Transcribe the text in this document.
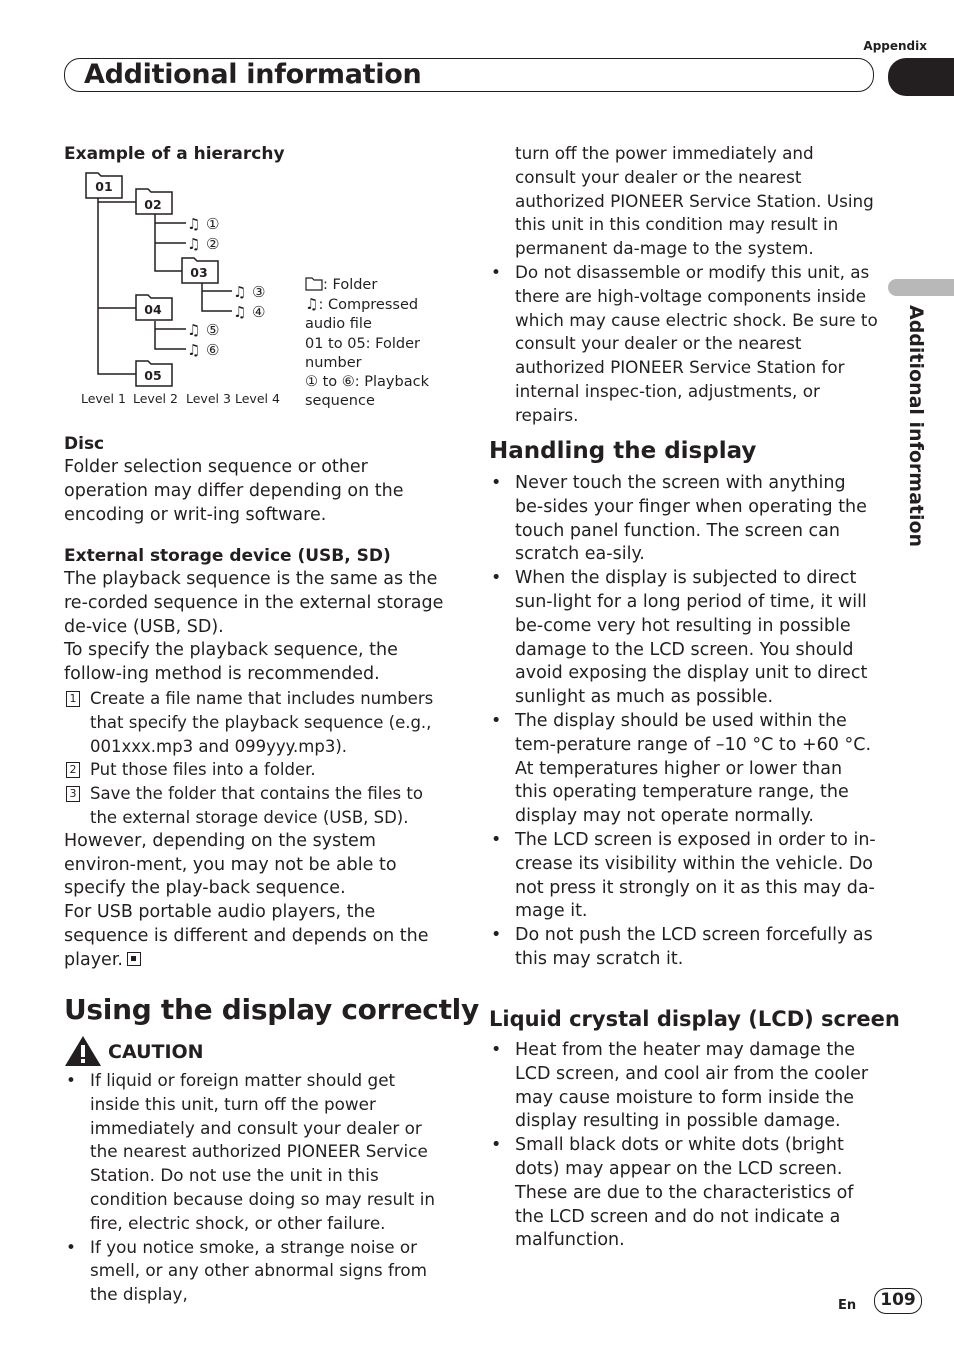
Appendix
Additional information
Additional information
Example of a hierarchy
01
02
03
04
05
♫ ①
♫ ②
♫ ③
♫ ④
♫ ⑤
♫ ⑥
Level 1 Level 2 Level 3 Level 4
: Folder
♫: Compressed
audio file
01 to 05: Folder
number
① to ⑥: Playback
sequence
Disc
Folder selection sequence or other operation may differ depending on the encoding or writ-ing software.
External storage device (USB, SD)
The playback sequence is the same as the re-corded sequence in the external storage de-vice (USB, SD).
To specify the playback sequence, the follow-ing method is recommended.
1 Create a file name that includes numbers that specify the playback sequence (e.g., 001xxx.mp3 and 099yyy.mp3).
2 Put those files into a folder.
3 Save the folder that contains the files to the external storage device (USB, SD).
However, depending on the system environ-ment, you may not be able to specify the play-back sequence.
For USB portable audio players, the sequence is different and depends on the player.
Using the display correctly
CAUTION
• If liquid or foreign matter should get inside this unit, turn off the power immediately and consult your dealer or the nearest authorized PIONEER Service Station. Do not use the unit in this condition because doing so may result in fire, electric shock, or other failure.
• If you notice smoke, a strange noise or smell, or any other abnormal signs from the display,
turn off the power immediately and consult your dealer or the nearest authorized PIONEER Service Station. Using this unit in this condition may result in permanent da-mage to the system.
• Do not disassemble or modify this unit, as there are high-voltage components inside which may cause electric shock. Be sure to consult your dealer or the nearest authorized PIONEER Service Station for internal inspec-tion, adjustments, or repairs.
Handling the display
• Never touch the screen with anything be-sides your finger when operating the touch panel function. The screen can scratch ea-sily.
• When the display is subjected to direct sun-light for a long period of time, it will be-come very hot resulting in possible damage to the LCD screen. You should avoid exposing the display unit to direct sunlight as much as possible.
• The display should be used within the tem-perature range of –10 °C to +60 °C.
At temperatures higher or lower than this operating temperature range, the display may not operate normally.
• The LCD screen is exposed in order to in-crease its visibility within the vehicle. Do not press it strongly on it as this may da-mage it.
• Do not push the LCD screen forcefully as this may scratch it.
Liquid crystal display (LCD) screen
• Heat from the heater may damage the LCD screen, and cool air from the cooler may cause moisture to form inside the display resulting in possible damage.
• Small black dots or white dots (bright dots) may appear on the LCD screen. These are due to the characteristics of the LCD screen and do not indicate a malfunction.
En	109
